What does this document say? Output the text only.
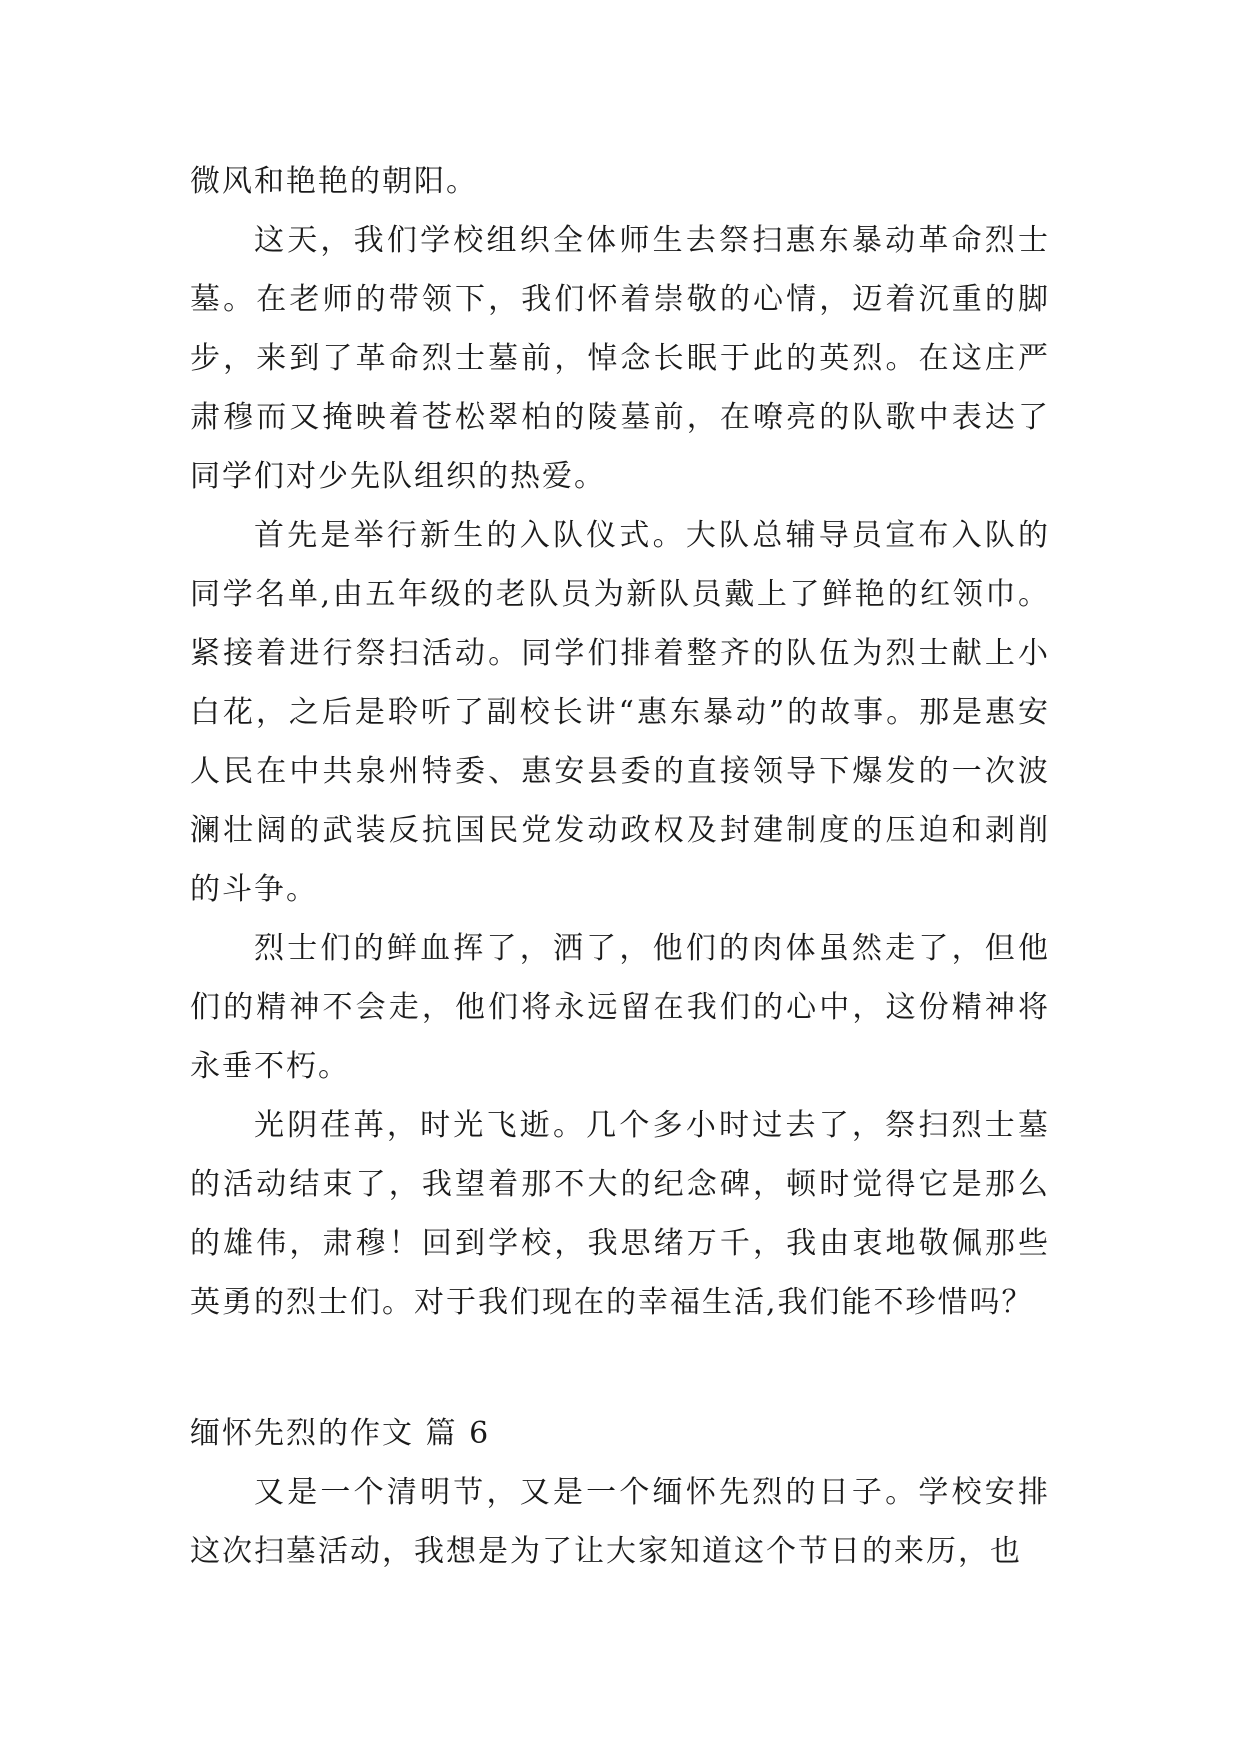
微风和艳艳的朝阳。

这天，我们学校组织全体师生去祭扫惠东暴动革命烈士墓。在老师的带领下，我们怀着崇敬的心情，迈着沉重的脚步，来到了革命烈士墓前，悼念长眠于此的英烈。在这庄严肃穆而又掩映着苍松翠柏的陵墓前，在嘹亮的队歌中表达了同学们对少先队组织的热爱。

首先是举行新生的入队仪式。大队总辅导员宣布入队的同学名单,由五年级的老队员为新队员戴上了鲜艳的红领巾。紧接着进行祭扫活动。同学们排着整齐的队伍为烈士献上小白花，之后是聆听了副校长讲“惠东暴动”的故事。那是惠安人民在中共泉州特委、惠安县委的直接领导下爆发的一次波澜壮阔的武装反抗国民党发动政权及封建制度的压迫和剥削的斗争。

烈士们的鲜血挥了，洒了，他们的肉体虽然走了，但他们的精神不会走，他们将永远留在我们的心中，这份精神将永垂不朽。

光阴荏苒，时光飞逝。几个多小时过去了，祭扫烈士墓的活动结束了，我望着那不大的纪念碑，顿时觉得它是那么的雄伟，肃穆！回到学校，我思绪万千，我由衷地敬佩那些英勇的烈士们。对于我们现在的幸福生活,我们能不珍惜吗？

缅怀先烈的作文 篇 6

又是一个清明节，又是一个缅怀先烈的日子。学校安排这次扫墓活动，我想是为了让大家知道这个节日的来历，也
